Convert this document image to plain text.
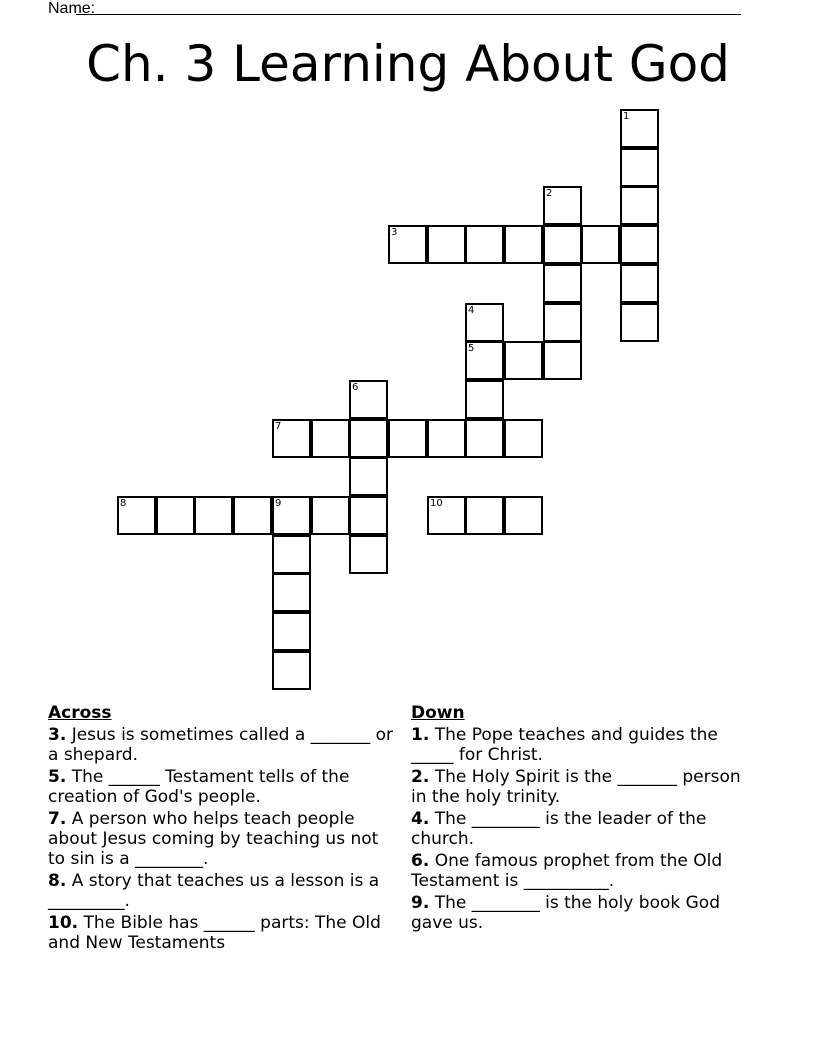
Name:
Ch. 3 Learning About God
1
2
3
4
5
6
7
8	9	10
Across
3. Jesus is sometimes called a _______ or a shepard.
5. The ______ Testament tells of the creation of God's people.
7. A person who helps teach people about Jesus coming by teaching us not to sin is a ________.
8. A story that teaches us a lesson is a _________.
10. The Bible has ______ parts: The Old and New Testaments
Down
1. The Pope teaches and guides the _____ for Christ.
2. The Holy Spirit is the _______ person in the holy trinity.
4. The ________ is the leader of the church.
6. One famous prophet from the Old Testament is __________.
9. The ________ is the holy book God gave us.
